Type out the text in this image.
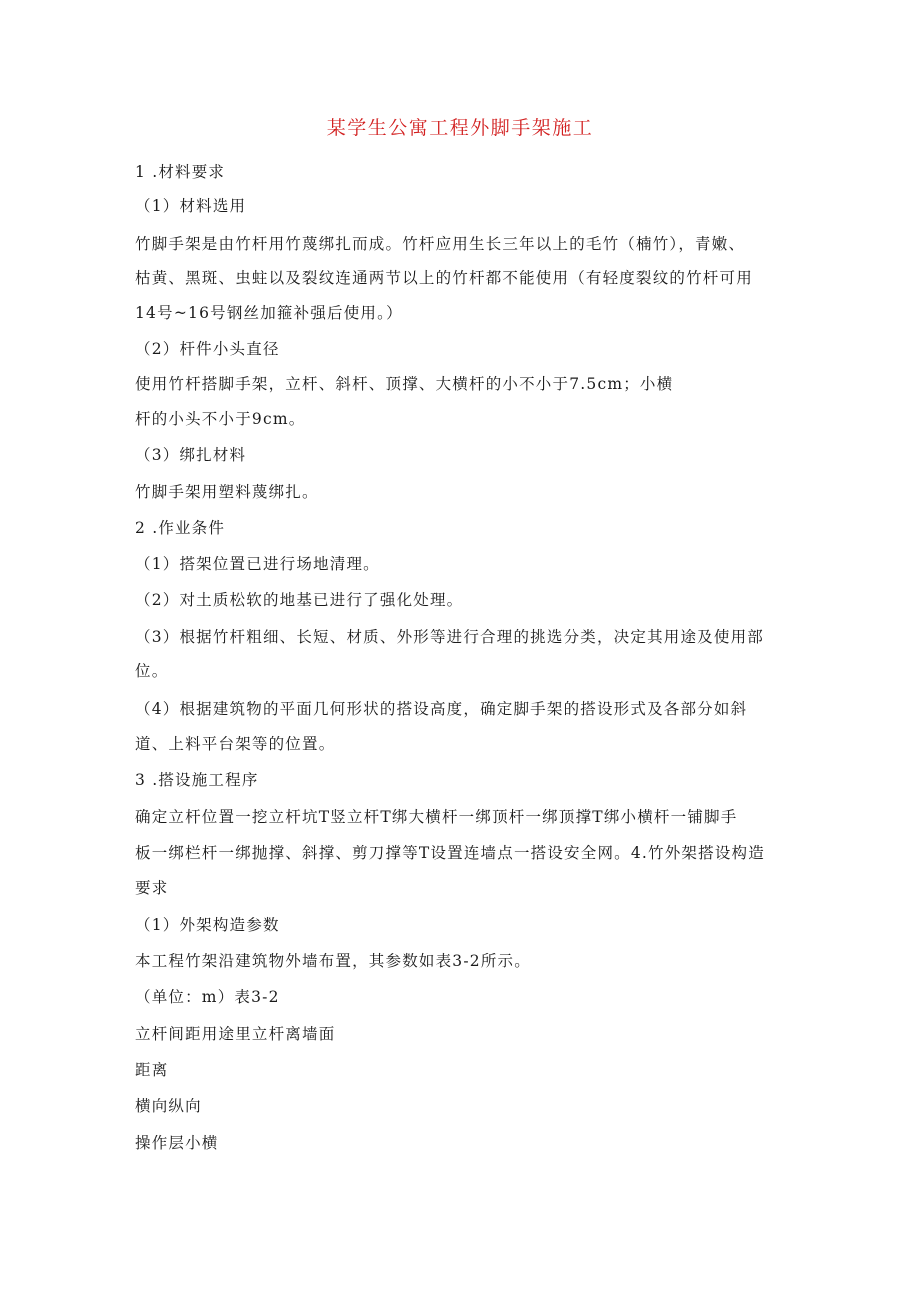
某学生公寓工程外脚手架施工
1 .材料要求
（1）材料选用
竹脚手架是由竹杆用竹蔑绑扎而成。竹杆应用生长三年以上的毛竹（楠竹），青嫩、
枯黄、黑斑、虫蛀以及裂纹连通两节以上的竹杆都不能使用（有轻度裂纹的竹杆可用
14号~16号钢丝加箍补强后使用。）
（2）杆件小头直径
使用竹杆搭脚手架，立杆、斜杆、顶撑、大横杆的小不小于7.5cm；小横
杆的小头不小于9cm。
（3）绑扎材料
竹脚手架用塑料蔑绑扎。
2 .作业条件
（1）搭架位置已进行场地清理。
（2）对土质松软的地基已进行了强化处理。
（3）根据竹杆粗细、长短、材质、外形等进行合理的挑选分类，决定其用途及使用部
位。
（4）根据建筑物的平面几何形状的搭设高度，确定脚手架的搭设形式及各部分如斜
道、上料平台架等的位置。
3 .搭设施工程序
确定立杆位置一挖立杆坑T竖立杆T绑大横杆一绑顶杆一绑顶撑T绑小横杆一铺脚手
板一绑栏杆一绑抛撑、斜撑、剪刀撑等T设置连墙点一搭设安全网。4.竹外架搭设构造
要求
（1）外架构造参数
本工程竹架沿建筑物外墙布置，其参数如表3-2所示。
（单位：m）表3-2
立杆间距用途里立杆离墙面
距离
横向纵向
操作层小横
